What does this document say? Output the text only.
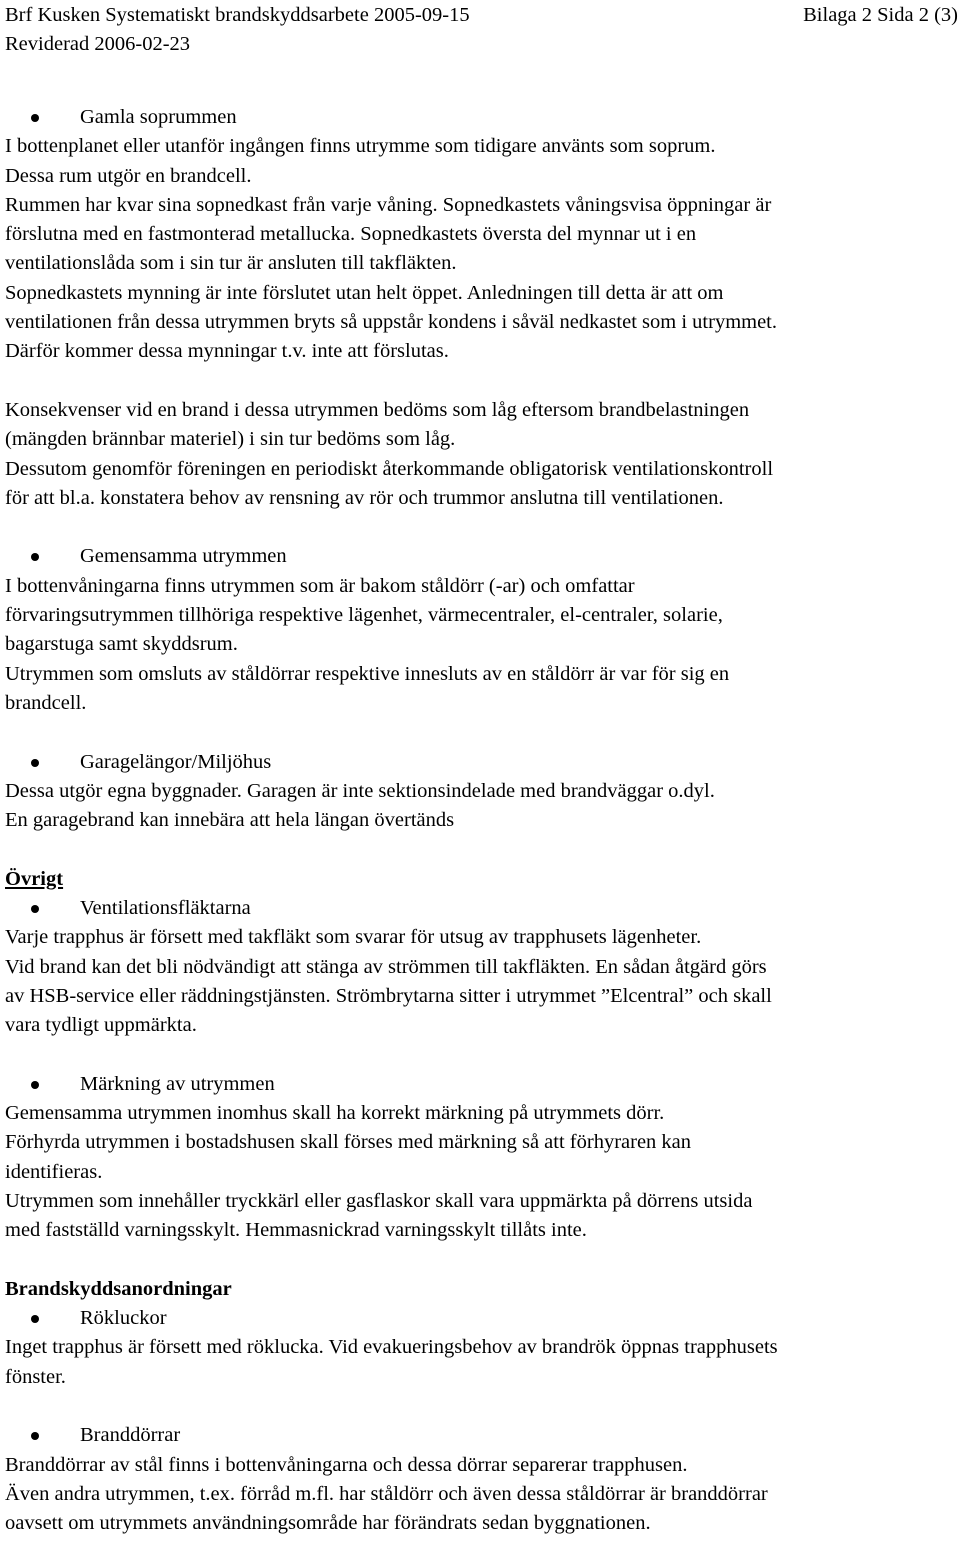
Brf Kusken Systematiskt brandskyddsarbete 2005-09-15	Bilaga 2 Sida 2 (3)
Reviderad 2006-02-23
Gamla soprummen
I bottenplanet eller utanför ingången finns utrymme som tidigare använts som soprum.
Dessa rum utgör en brandcell.
Rummen har kvar sina sopnedkast från varje våning. Sopnedkastets våningsvisa öppningar är
förslutna med en fastmonterad metallucka. Sopnedkastets översta del mynnar ut i en
ventilationslåda som i sin tur är ansluten till takfläkten.
Sopnedkastets mynning är inte förslutet utan helt öppet. Anledningen till detta är att om
ventilationen från dessa utrymmen bryts så uppstår kondens i såväl nedkastet som i utrymmet.
Därför kommer dessa mynningar t.v. inte att förslutas.
Konsekvenser vid en brand i dessa utrymmen bedöms som låg eftersom brandbelastningen
(mängden brännbar materiel) i sin tur bedöms som låg.
Dessutom genomför föreningen en periodiskt återkommande obligatorisk ventilationskontroll
för att bl.a. konstatera behov av rensning av rör och trummor anslutna till ventilationen.
Gemensamma utrymmen
I bottenvåningarna finns utrymmen som är bakom ståldörr (-ar) och omfattar
förvaringsutrymmen tillhöriga respektive lägenhet, värmecentraler, el-centraler, solarie,
bagarstuga samt skyddsrum.
Utrymmen som omsluts av ståldörrar respektive innesluts av en ståldörr är var för sig en
brandcell.
Garagelängor/Miljöhus
Dessa utgör egna byggnader. Garagen är inte sektionsindelade med brandväggar o.dyl.
En garagebrand kan innebära att hela längan övertänds
Övrigt
Ventilationsfläktarna
Varje trapphus är försett med takfläkt som svarar för utsug av trapphusets lägenheter.
Vid brand kan det bli nödvändigt att stänga av strömmen till takfläkten. En sådan åtgärd görs
av HSB-service eller räddningstjänsten. Strömbrytarna sitter i utrymmet ”Elcentral” och skall
vara tydligt uppmärkta.
Märkning av utrymmen
Gemensamma utrymmen inomhus skall ha korrekt märkning på utrymmets dörr.
Förhyrda utrymmen i bostadshusen skall förses med märkning så att förhyraren kan
identifieras.
Utrymmen som innehåller tryckkärl eller gasflaskor skall vara uppmärkta på dörrens utsida
med fastställd varningsskylt. Hemmasnickrad varningsskylt tillåts inte.
Brandskyddsanordningar
Rökluckor
Inget trapphus är försett med röklucka. Vid evakueringsbehov av brandrök öppnas trapphusets
fönster.
Branddörrar
Branddörrar av stål finns i bottenvåningarna och dessa dörrar separerar trapphusen.
Även andra utrymmen, t.ex. förråd m.fl. har ståldörr och även dessa ståldörrar är branddörrar
oavsett om utrymmets användningsområde har förändrats sedan byggnationen.
